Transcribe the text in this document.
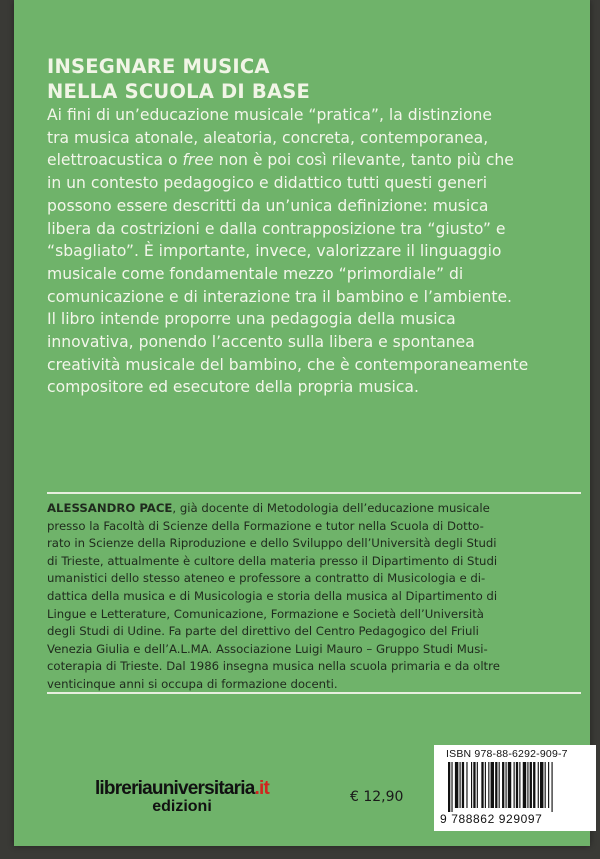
INSEGNARE MUSICA
NELLA SCUOLA DI BASE
Ai fini di un’educazione musicale “pratica”, la distinzione
tra musica atonale, aleatoria, concreta, contemporanea,
elettroacustica o free non è poi così rilevante, tanto più che
in un contesto pedagogico e didattico tutti questi generi
possono essere descritti da un’unica definizione: musica
libera da costrizioni e dalla contrapposizione tra “giusto” e
“sbagliato”. È importante, invece, valorizzare il linguaggio
musicale come fondamentale mezzo “primordiale” di
comunicazione e di interazione tra il bambino e l’ambiente.
Il libro intende proporre una pedagogia della musica
innovativa, ponendo l’accento sulla libera e spontanea
creatività musicale del bambino, che è contemporaneamente
compositore ed esecutore della propria musica.
ALESSANDRO PACE, già docente di Metodologia dell’educazione musicale
presso la Facoltà di Scienze della Formazione e tutor nella Scuola di Dotto-
rato in Scienze della Riproduzione e dello Sviluppo dell’Università degli Studi
di Trieste, attualmente è cultore della materia presso il Dipartimento di Studi
umanistici dello stesso ateneo e professore a contratto di Musicologia e di-
dattica della musica e di Musicologia e storia della musica al Dipartimento di
Lingue e Letterature, Comunicazione, Formazione e Società dell’Università
degli Studi di Udine. Fa parte del direttivo del Centro Pedagogico del Friuli
Venezia Giulia e dell’A.L.MA. Associazione Luigi Mauro – Gruppo Studi Musi-
coterapia di Trieste. Dal 1986 insegna musica nella scuola primaria e da oltre
venticinque anni si occupa di formazione docenti.
libreriauniversitaria.it
edizioni
€ 12,90
ISBN 978-88-6292-909-7
9 788862 929097
